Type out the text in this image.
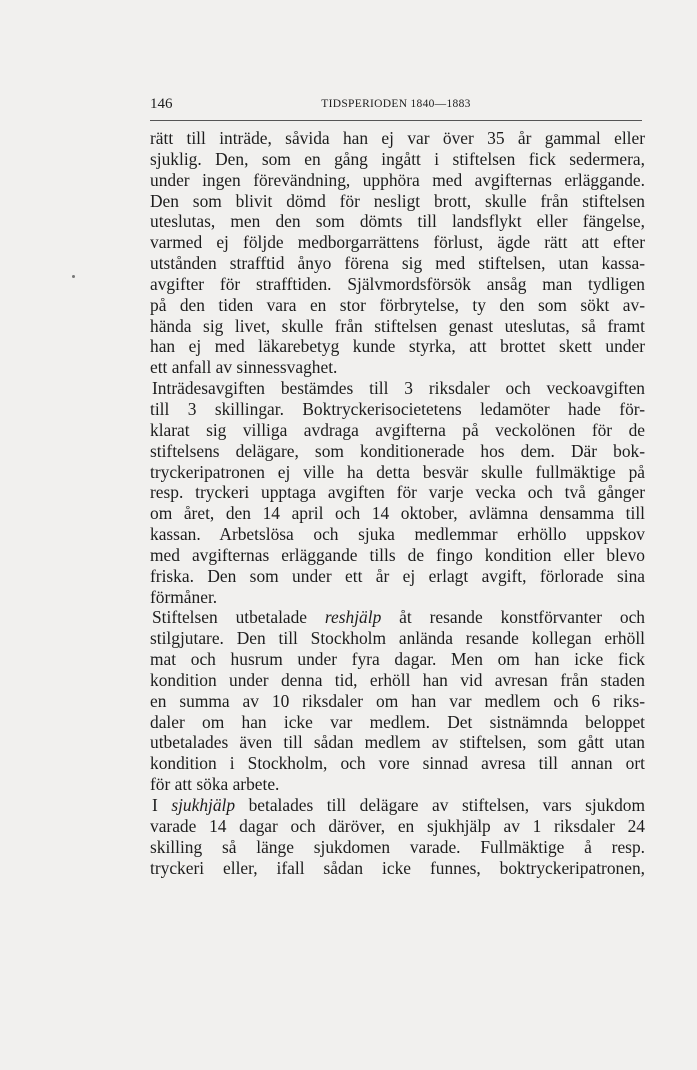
146	TIDSPERIODEN 1840—1883
rätt till inträde, såvida han ej var över 35 år gammal eller
sjuklig. Den, som en gång ingått i stiftelsen fick sedermera,
under ingen förevändning, upphöra med avgifternas erläggande.
Den som blivit dömd för nesligt brott, skulle från stiftelsen
uteslutas, men den som dömts till landsflykt eller fängelse,
varmed ej följde medborgarrättens förlust, ägde rätt att efter
utstånden strafftid ånyo förena sig med stiftelsen, utan kassa-
avgifter för strafftiden. Självmordsförsök ansåg man tydligen
på den tiden vara en stor förbrytelse, ty den som sökt av-
hända sig livet, skulle från stiftelsen genast uteslutas, så framt
han ej med läkarebetyg kunde styrka, att brottet skett under
ett anfall av sinnessvaghet.
Inträdesavgiften bestämdes till 3 riksdaler och veckoavgiften
till 3 skillingar. Boktryckerisocietetens ledamöter hade för-
klarat sig villiga avdraga avgifterna på veckolönen för de
stiftelsens delägare, som konditionerade hos dem. Där bok-
tryckeripatronen ej ville ha detta besvär skulle fullmäktige på
resp. tryckeri upptaga avgiften för varje vecka och två gånger
om året, den 14 april och 14 oktober, avlämna densamma till
kassan. Arbetslösa och sjuka medlemmar erhöllo uppskov
med avgifternas erläggande tills de fingo kondition eller blevo
friska. Den som under ett år ej erlagt avgift, förlorade sina
förmåner.
Stiftelsen utbetalade reshjälp åt resande konstförvanter och
stilgjutare. Den till Stockholm anlända resande kollegan erhöll
mat och husrum under fyra dagar. Men om han icke fick
kondition under denna tid, erhöll han vid avresan från staden
en summa av 10 riksdaler om han var medlem och 6 riks-
daler om han icke var medlem. Det sistnämnda beloppet
utbetalades även till sådan medlem av stiftelsen, som gått utan
kondition i Stockholm, och vore sinnad avresa till annan ort
för att söka arbete.
I sjukhjälp betalades till delägare av stiftelsen, vars sjukdom
varade 14 dagar och däröver, en sjukhjälp av 1 riksdaler 24
skilling så länge sjukdomen varade. Fullmäktige å resp.
tryckeri eller, ifall sådan icke funnes, boktryckeripatronen,
